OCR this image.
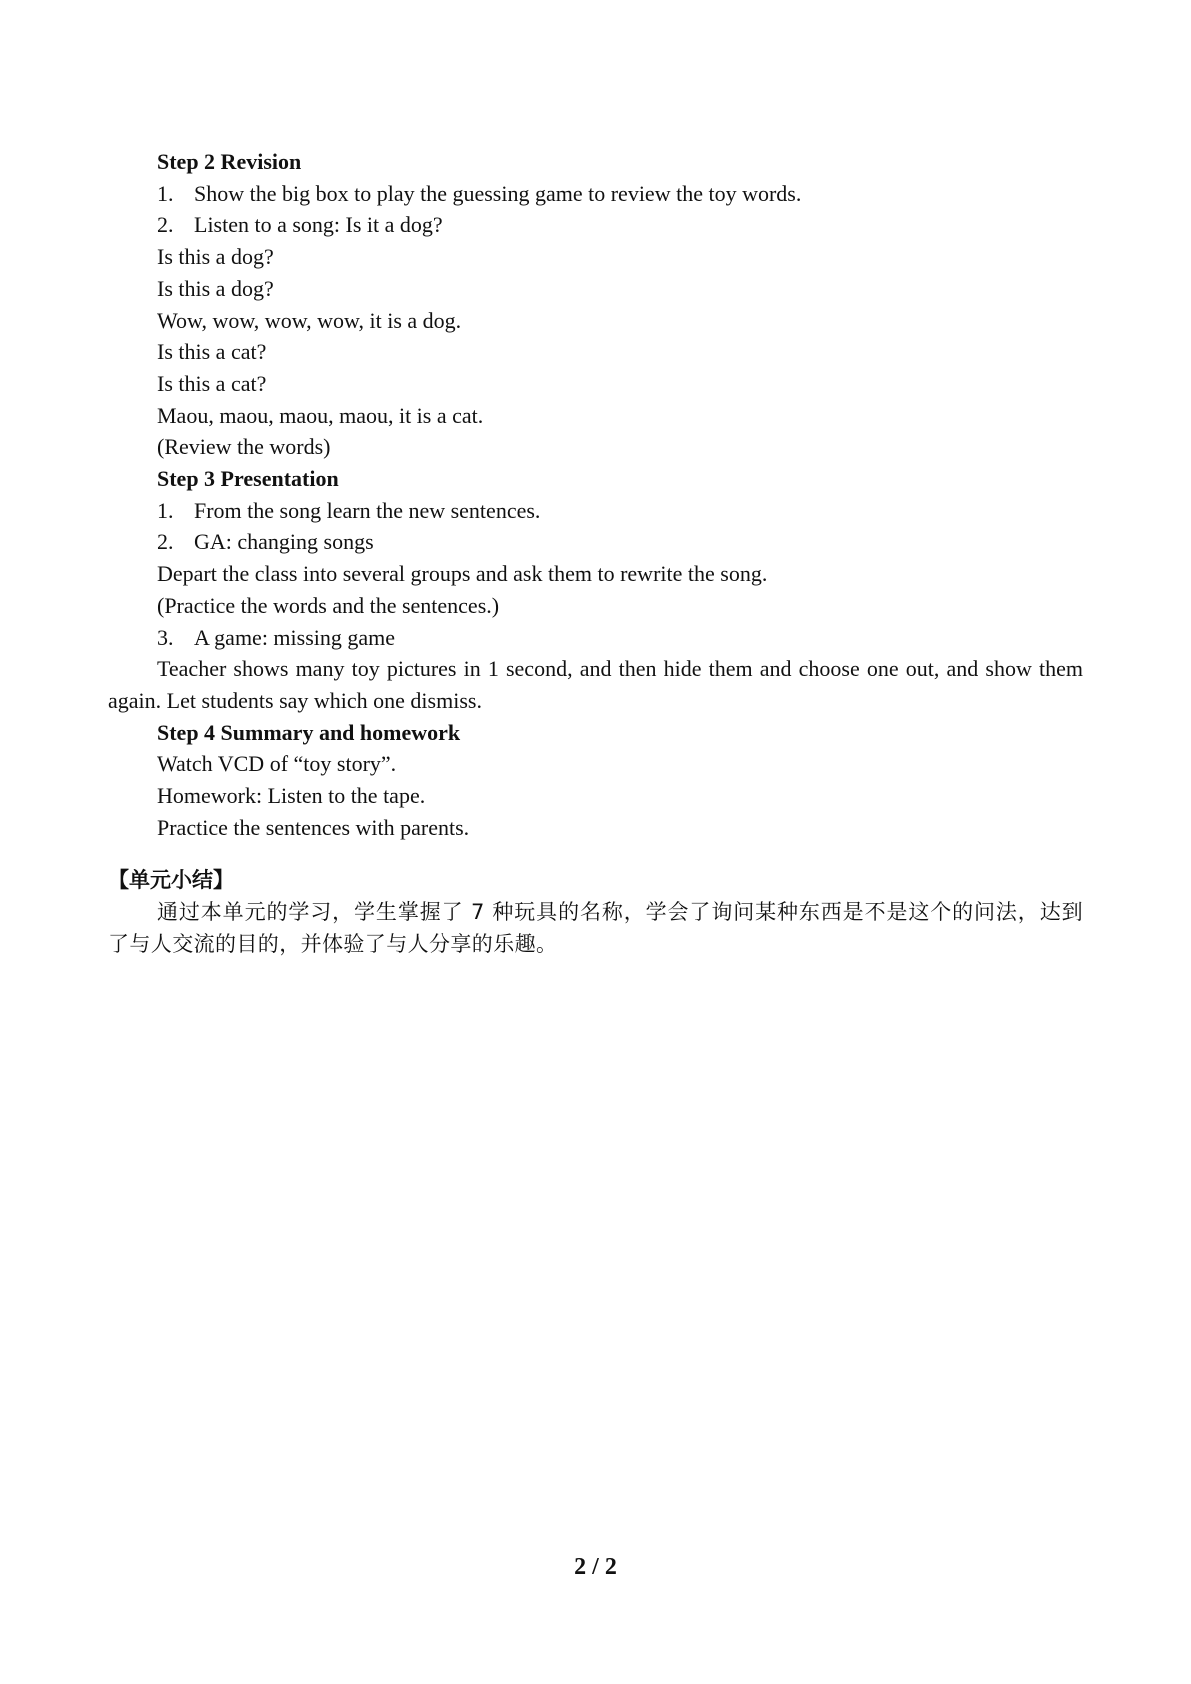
Step 2 Revision
1. Show the big box to play the guessing game to review the toy words.
2. Listen to a song: Is it a dog?
Is this a dog?
Is this a dog?
Wow, wow, wow, wow, it is a dog.
Is this a cat?
Is this a cat?
Maou, maou, maou, maou, it is a cat.
(Review the words)
Step 3 Presentation
1. From the song learn the new sentences.
2. GA: changing songs
Depart the class into several groups and ask them to rewrite the song.
(Practice the words and the sentences.)
3. A game: missing game
Teacher shows many toy pictures in 1 second, and then hide them and choose one out, and show them again. Let students say which one dismiss.
Step 4 Summary and homework
Watch VCD of “toy story”.
Homework: Listen to the tape.
Practice the sentences with parents.
【单元小结】
通过本单元的学习，学生掌握了 7 种玩具的名称，学会了询问某种东西是不是这个的问法，达到了与人交流的目的，并体验了与人分享的乐趣。
2 / 2
